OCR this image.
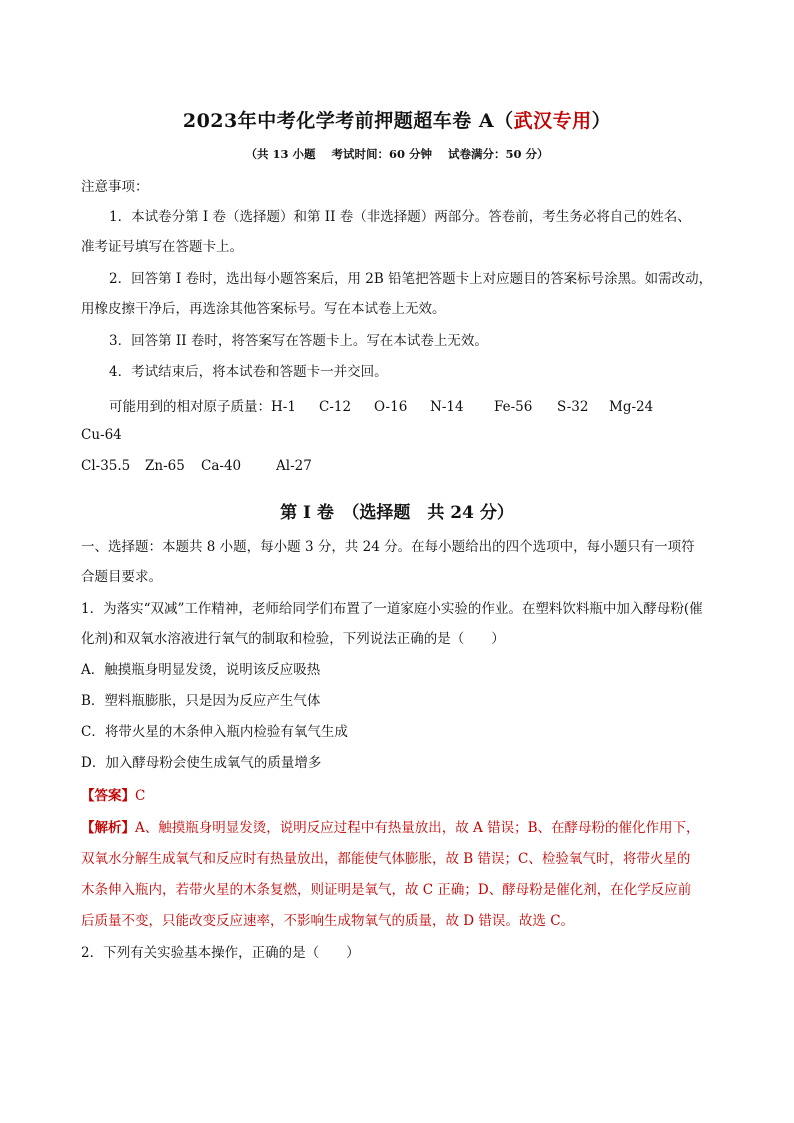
2023年中考化学考前押题超车卷 A（武汉专用）
（共 13 小题 考试时间：60 分钟 试卷满分：50 分）
注意事项：
1．本试卷分第 I 卷（选择题）和第 II 卷（非选择题）两部分。答卷前，考生务必将自己的姓名、
准考证号填写在答题卡上。
2．回答第 I 卷时，选出每小题答案后，用 2B 铅笔把答题卡上对应题目的答案标号涂黑。如需改动，
用橡皮擦干净后，再选涂其他答案标号。写在本试卷上无效。
3．回答第 II 卷时，将答案写在答题卡上。写在本试卷上无效。
4．考试结束后，将本试卷和答题卡一并交回。
可能用到的相对原子质量：H-1 C-12 O-16 N-14 Fe-56 S-32 Mg-24
Cu-64
Cl-35.5 Zn-65 Ca-40	Al-27
第 I 卷　（选择题　共 24 分）
一、选择题：本题共 8 小题，每小题 3 分，共 24 分。在每小题给出的四个选项中，每小题只有一项符
合题目要求。
1．为落实“双减”工作精神，老师给同学们布置了一道家庭小实验的作业。在塑料饮料瓶中加入酵母粉(催
化剂)和双氧水溶液进行氧气的制取和检验，下列说法正确的是（　　）
A．触摸瓶身明显发烫，说明该反应吸热
B．塑料瓶膨胀，只是因为反应产生气体
C．将带火星的木条伸入瓶内检验有氧气生成
D．加入酵母粉会使生成氧气的质量增多
【答案】C
【解析】A、触摸瓶身明显发烫，说明反应过程中有热量放出，故 A 错误；B、在酵母粉的催化作用下，
双氧水分解生成氧气和反应时有热量放出，都能使气体膨胀，故 B 错误；C、检验氧气时，将带火星的
木条伸入瓶内，若带火星的木条复燃，则证明是氧气，故 C 正确；D、酵母粉是催化剂，在化学反应前
后质量不变，只能改变反应速率，不影响生成物氧气的质量，故 D 错误。故选 C。
2．下列有关实验基本操作，正确的是（　　）
